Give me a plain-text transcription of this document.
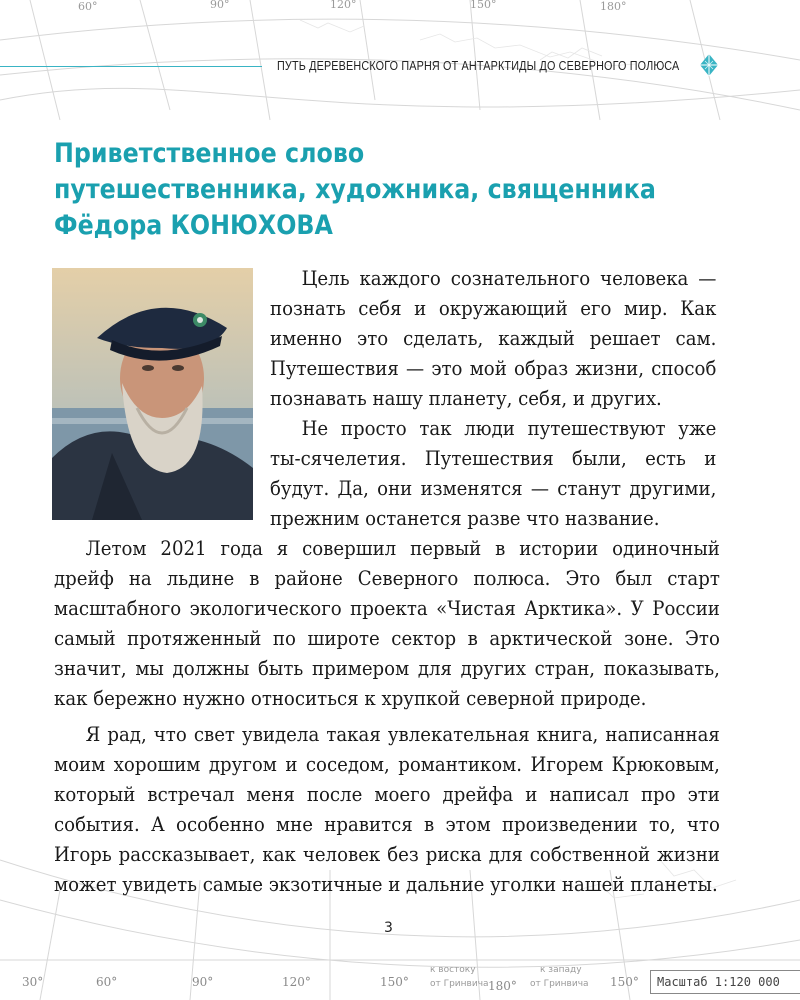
60°	90°	120°	150°	180°
30°	60°	90°	120°	150°	180°	150°
к востоку
от Гринвича
к западу
от Гринвича
ПУТЬ ДЕРЕВЕНСКОГО ПАРНЯ ОТ АНТАРКТИДЫ ДО СЕВЕРНОГО ПОЛЮСА
Приветственное слово
путешественника, художника, священника
Фёдора КОНЮХОВА

Цель каждого сознательного человека — познать себя и окружающий его мир. Как именно это сделать, каждый решает сам. Путешествия — это мой образ жизни, способ познавать нашу планету, себя, и других.

Не просто так люди путешествуют уже ты-сячелетия. Путешествия были, есть и будут. Да, они изменятся — станут другими, прежним останется разве что название.

Летом 2021 года я совершил первый в истории одиночный дрейф на льдине в районе Северного полюса. Это был старт масштабного экологического проекта «Чистая Арктика». У России самый протяженный по широте сектор в арктической зоне. Это значит, мы должны быть примером для других стран, показывать, как бережно нужно относиться к хрупкой северной природе.

Я рад, что свет увидела такая увлекательная книга, написанная моим хорошим другом и соседом, романтиком. Игорем Крюковым, который встречал меня после моего дрейфа и написал про эти события. А особенно мне нравится в этом произведении то, что Игорь рассказывает, как человек без риска для собственной жизни может увидеть самые экзотичные и дальние уголки нашей планеты.

3
Масштаб 1:120 000
